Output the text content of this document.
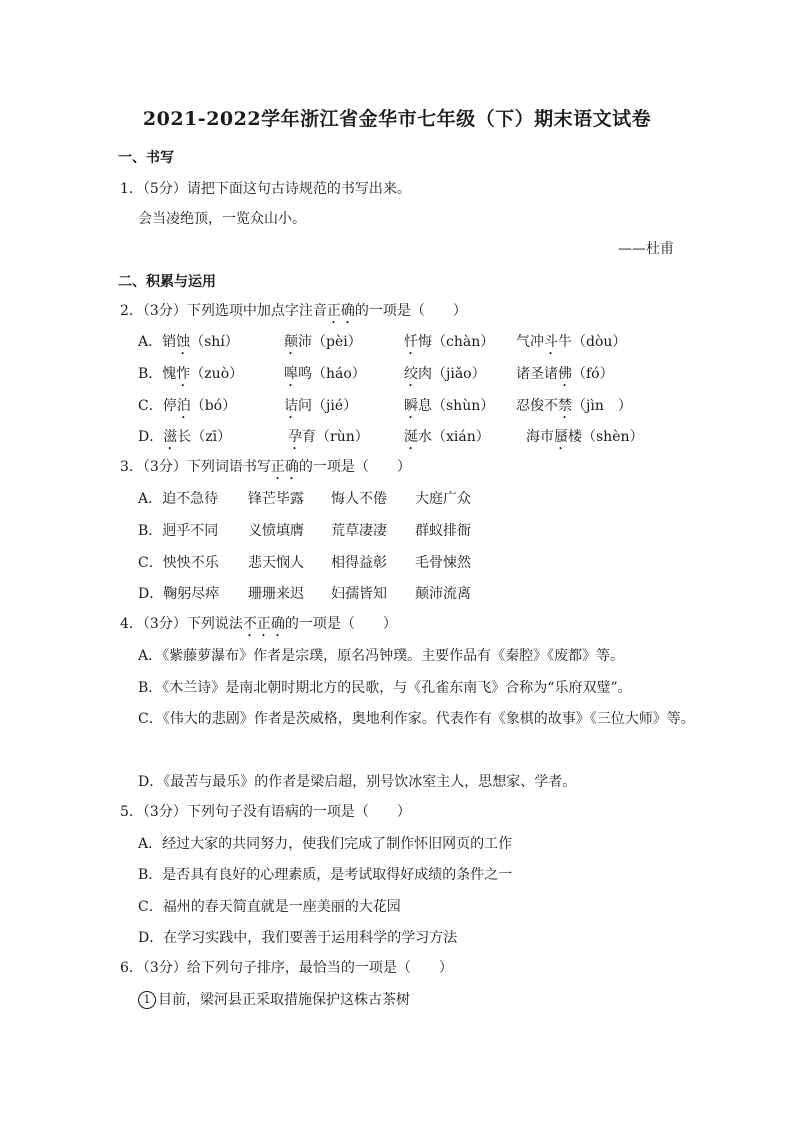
2021-2022学年浙江省金华市七年级（下）期末语文试卷
一、书写
1．（5分）请把下面这句古诗规范的书写出来。
会当凌绝顶，一览众山小。
——杜甫
二、积累与运用
2．（3分）下列选项中加点字注音正确的一项是（　　）
A．销蚀（shí）	颠沛（pèi）	忏悔（chàn） 气冲斗牛（dòu）
B．愧怍（zuò）	嗥鸣（háo）	绞肉（jiǎo） 诸圣诸佛（fó）
C．停泊（bó）	诘问（jié）	瞬息（shùn） 忍俊不禁（jìn　）
D．滋长（zī）	孕育（rùn）	涎水（xián）	海市蜃楼（shèn）
3．（3分）下列词语书写正确的一项是（　　）
A．迫不急待 锋芒毕露 悔人不倦 大庭广众
B．迥乎不同 义愤填膺 荒草凄凄 群蚁排衙
C．怏怏不乐 悲天悯人 相得益彰 毛骨悚然
D．鞠躬尽瘁 珊珊来迟 妇孺皆知 颠沛流离
4．（3分）下列说法不正确的一项是（　　）
A．《紫藤萝瀑布》作者是宗璞，原名冯钟璞。主要作品有《秦腔》《废都》等。
B．《木兰诗》是南北朝时期北方的民歌，与《孔雀东南飞》合称为“乐府双璧”。
C．《伟大的悲剧》作者是茨威格，奥地利作家。代表作有《象棋的故事》《三位大师》等。
D．《最苦与最乐》的作者是梁启超，别号饮冰室主人，思想家、学者。
5．（3分）下列句子没有语病的一项是（　　）
A．经过大家的共同努力，使我们完成了制作怀旧网页的工作
B．是否具有良好的心理素质，是考试取得好成绩的条件之一
C．福州的春天简直就是一座美丽的大花园
D．在学习实践中，我们要善于运用科学的学习方法
6．（3分）给下列句子排序，最恰当的一项是（　　）
1 目前，梁河县正采取措施保护这株古茶树
